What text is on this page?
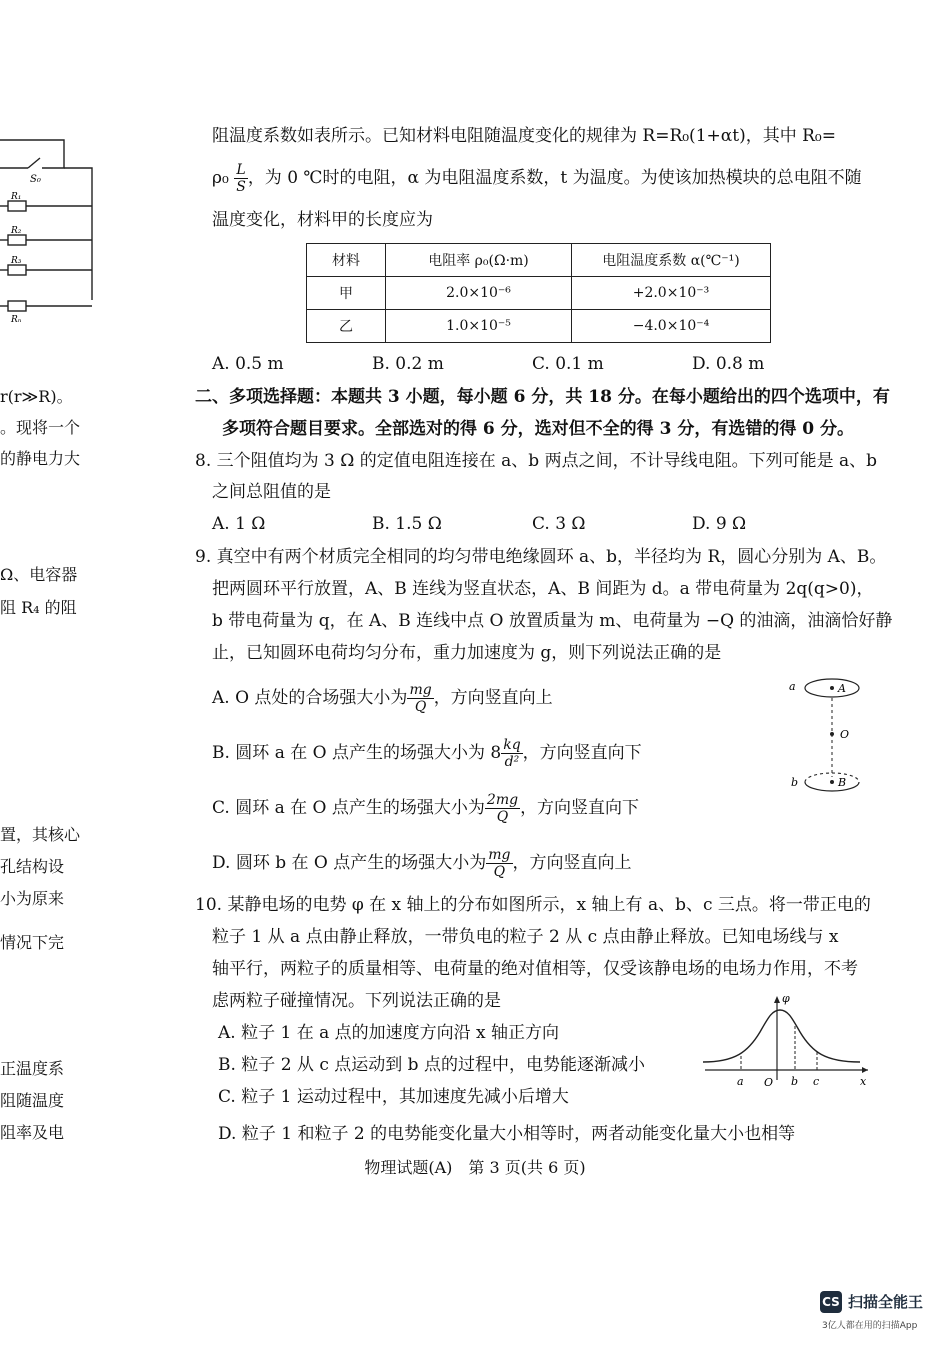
S₀
R₁
R₂
R₃
Rₙ
r(r≫R)。
。现将一个
的静电力大
Ω、电容器
阻 R₄ 的阻
置，其核心
孔结构设
小为原来
情况下完
正温度系
阻随温度
阻率及电
阻温度系数如表所示。已知材料电阻随温度变化的规律为 R=R₀(1+αt)，其中 R₀=
$\rho_0 \frac{L}{S}$ ，为 0 ℃时的电阻，α 为电阻温度系数，t 为温度。为使该加热模块的总电阻不随
温度变化，材料甲的长度应为
材料	电阻率 ρ₀(Ω·m)	电阻温度系数 α(℃⁻¹)
甲	2.0×10⁻⁶	+2.0×10⁻³
乙	1.0×10⁻⁵	−4.0×10⁻⁴
A. 0.5 m	B. 0.2 m	C. 0.1 m	D. 0.8 m
二、多项选择题：本题共 3 小题，每小题 6 分，共 18 分。在每小题给出的四个选项中，有
多项符合题目要求。全部选对的得 6 分，选对但不全的得 3 分，有选错的得 0 分。
8. 三个阻值均为 3 Ω 的定值电阻连接在 a、b 两点之间，不计导线电阻。下列可能是 a、b
之间总阻值的是
A. 1 Ω	B. 1.5 Ω	C. 3 Ω	D. 9 Ω
9. 真空中有两个材质完全相同的均匀带电绝缘圆环 a、b，半径均为 R，圆心分别为 A、B。
把两圆环平行放置，A、B 连线为竖直状态，A、B 间距为 d。a 带电荷量为 2q(q>0)，
b 带电荷量为 q，在 A、B 连线中点 O 放置质量为 m、电荷量为 −Q 的油滴，油滴恰好静
止，已知圆环电荷均匀分布，重力加速度为 g，则下列说法正确的是
A. O 点处的合场强大小为 $\frac{mg}{Q}$ ，方向竖直向上
B. 圆环 a 在 O 点产生的场强大小为 $8 \frac{kq}{\text{d²}}$ ，方向竖直向下
C. 圆环 a 在 O 点产生的场强大小为 $\frac{2mg}{Q}$ ，方向竖直向下
D. 圆环 b 在 O 点产生的场强大小为 $\frac{mg}{Q}$ ，方向竖直向上
a	A
O
b	B
10. 某静电场的电势 φ 在 x 轴上的分布如图所示，x 轴上有 a、b、c 三点。将一带正电的
粒子 1 从 a 点由静止释放，一带负电的粒子 2 从 c 点由静止释放。已知电场线与 x
轴平行，两粒子的质量相等、电荷量的绝对值相等，仅受该静电场的电场力作用，不考
虑两粒子碰撞情况。下列说法正确的是
A. 粒子 1 在 a 点的加速度方向沿 x 轴正方向
B. 粒子 2 从 c 点运动到 b 点的过程中，电势能逐渐减小
C. 粒子 1 运动过程中，其加速度先减小后增大
D. 粒子 1 和粒子 2 的电势能变化量大小相等时，两者动能变化量大小也相等
φ
x
a O b c
物理试题(A)　第 3 页(共 6 页)
CS 扫描全能王
3亿人都在用的扫描App
